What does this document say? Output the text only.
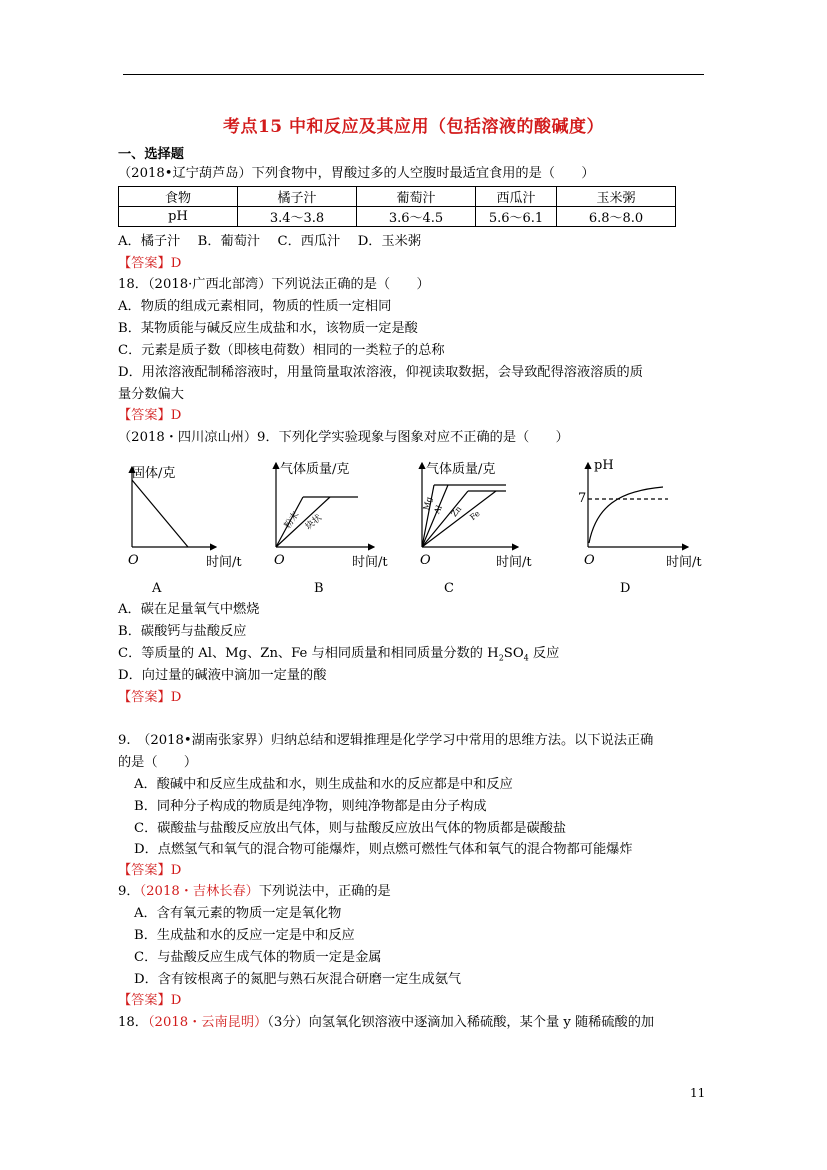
考点15 中和反应及其应用（包括溶液的酸碱度）
一、选择题
（2018•辽宁葫芦岛）下列食物中，胃酸过多的人空腹时最适宜食用的是（　　）
食物	橘子汁	葡萄汁	西瓜汁	玉米粥
pH	3.4～3.8	3.6～4.5	5.6～6.1	6.8～8.0
A．橘子汁　 B．葡萄汁　 C．西瓜汁　 D．玉米粥
【答案】D
18．（2018·广西北部湾）下列说法正确的是（　　）
A．物质的组成元素相同，物质的性质一定相同
B．某物质能与碱反应生成盐和水，该物质一定是酸
C．元素是质子数（即核电荷数）相同的一类粒子的总称
D．用浓溶液配制稀溶液时，用量筒量取浓溶液，仰视读取数据，会导致配得溶液溶质的质
量分数偏大
【答案】D
（2018・四川凉山州）9．下列化学实验现象与图象对应不正确的是（　　）
固体/克
O	时间/t
A
气体质量/克
O	时间/t
粉末 块状
B
气体质量/克
O	时间/t
Mg
Al Zn Fe
C
pH
7
O	时间/t
D
A．碳在足量氧气中燃烧
B．碳酸钙与盐酸反应
C．等质量的 Al、Mg、Zn、Fe 与相同质量和相同质量分数的 $H_2SO_4$ 反应
D．向过量的碱液中滴加一定量的酸
【答案】D
9.　（2018•湖南张家界）归纳总结和逻辑推理是化学学习中常用的思维方法。以下说法正确
的是（　　）
A．酸碱中和反应生成盐和水，则生成盐和水的反应都是中和反应
B．同种分子构成的物质是纯净物，则纯净物都是由分子构成
C．碳酸盐与盐酸反应放出气体，则与盐酸反应放出气体的物质都是碳酸盐
D．点燃氢气和氧气的混合物可能爆炸，则点燃可燃性气体和氧气的混合物都可能爆炸
【答案】D
9．（2018・吉林长春）下列说法中，正确的是
A．含有氧元素的物质一定是氧化物
B．生成盐和水的反应一定是中和反应
C．与盐酸反应生成气体的物质一定是金属
D．含有铵根离子的氮肥与熟石灰混合研磨一定生成氨气
【答案】D
18．（2018・云南昆明）（3分）向氢氧化钡溶液中逐滴加入稀硫酸，某个量 y 随稀硫酸的加
11
